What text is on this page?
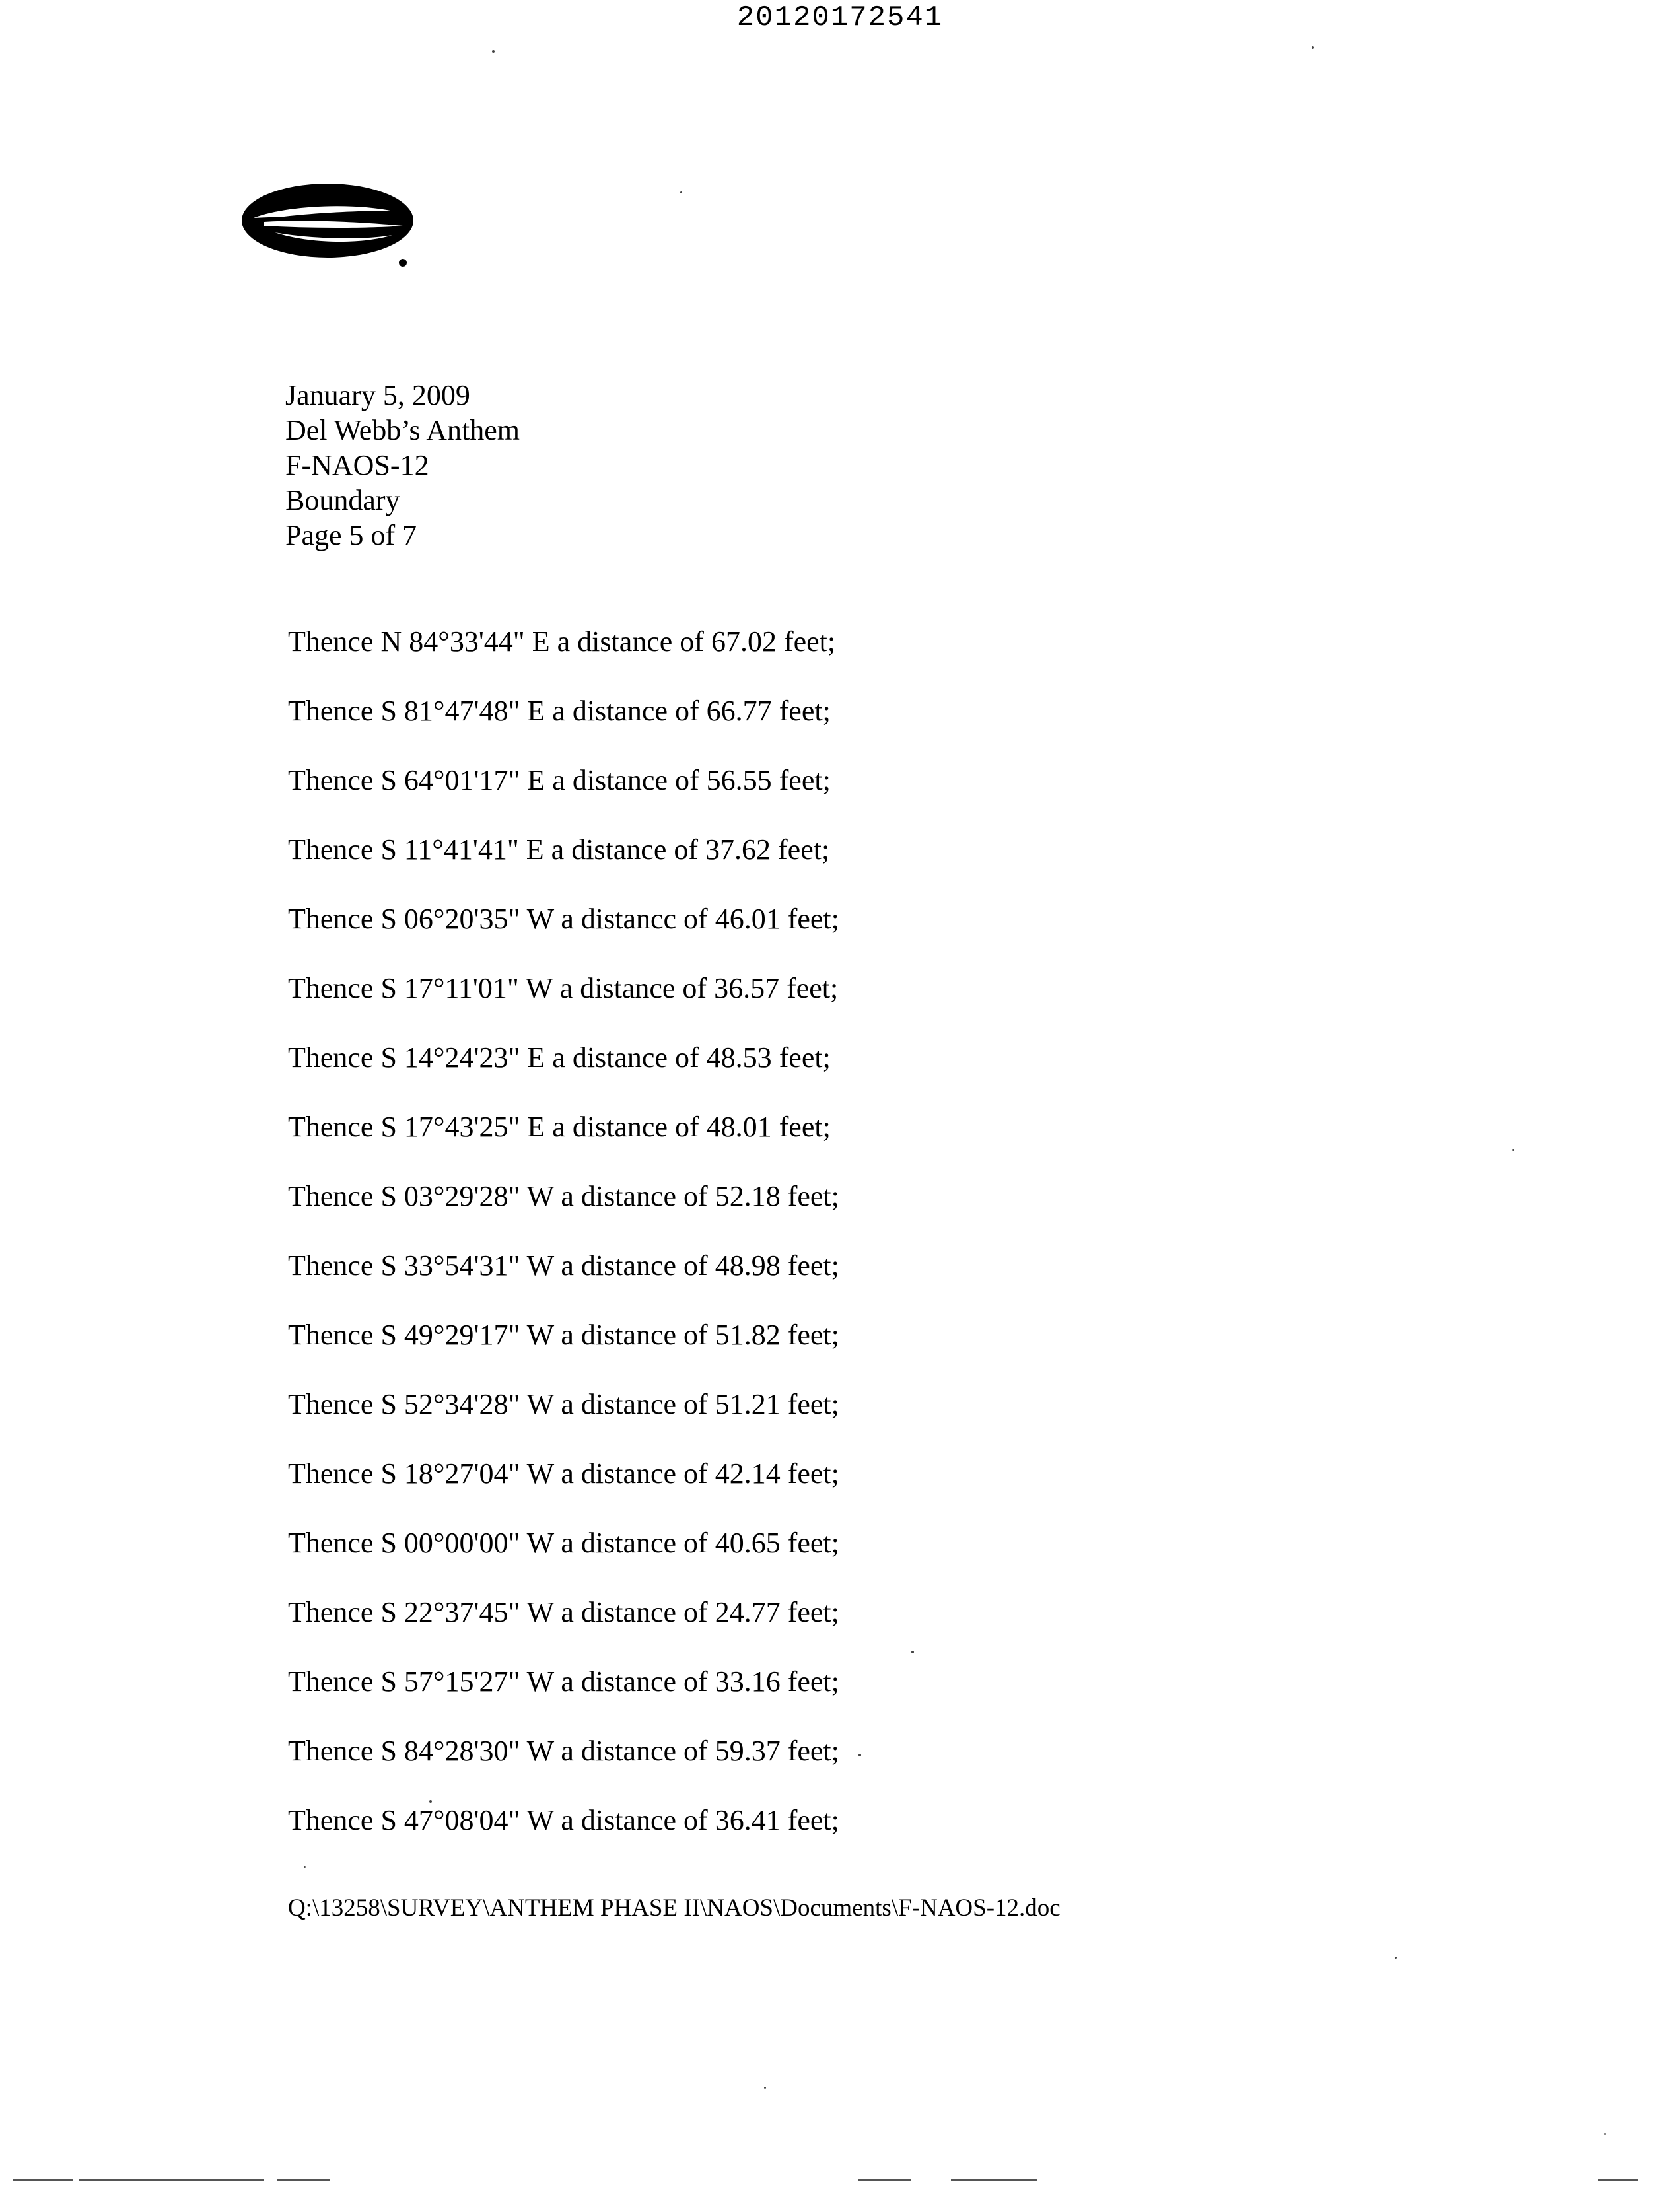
20120172541
January 5, 2009
Del Webb’s Anthem
F-NAOS-12
Boundary
Page 5 of 7
Thence N 84°33'44" E a distance of 67.02 feet;
Thence S 81°47'48" E a distance of 66.77 feet;
Thence S 64°01'17" E a distance of 56.55 feet;
Thence S 11°41'41" E a distance of 37.62 feet;
Thence S 06°20'35" W a distancc of 46.01 feet;
Thence S 17°11'01" W a distance of 36.57 feet;
Thence S 14°24'23" E a distance of 48.53 feet;
Thence S 17°43'25" E a distance of 48.01 feet;
Thence S 03°29'28" W a distance of 52.18 feet;
Thence S 33°54'31" W a distance of 48.98 feet;
Thence S 49°29'17" W a distance of 51.82 feet;
Thence S 52°34'28" W a distance of 51.21 feet;
Thence S 18°27'04" W a distance of 42.14 feet;
Thence S 00°00'00" W a distance of 40.65 feet;
Thence S 22°37'45" W a distance of 24.77 feet;
Thence S 57°15'27" W a distance of 33.16 feet;
Thence S 84°28'30" W a distance of 59.37 feet;
Thence S 47°08'04" W a distance of 36.41 feet;
Q:\13258\SURVEY\ANTHEM PHASE II\NAOS\Documents\F-NAOS-12.doc
